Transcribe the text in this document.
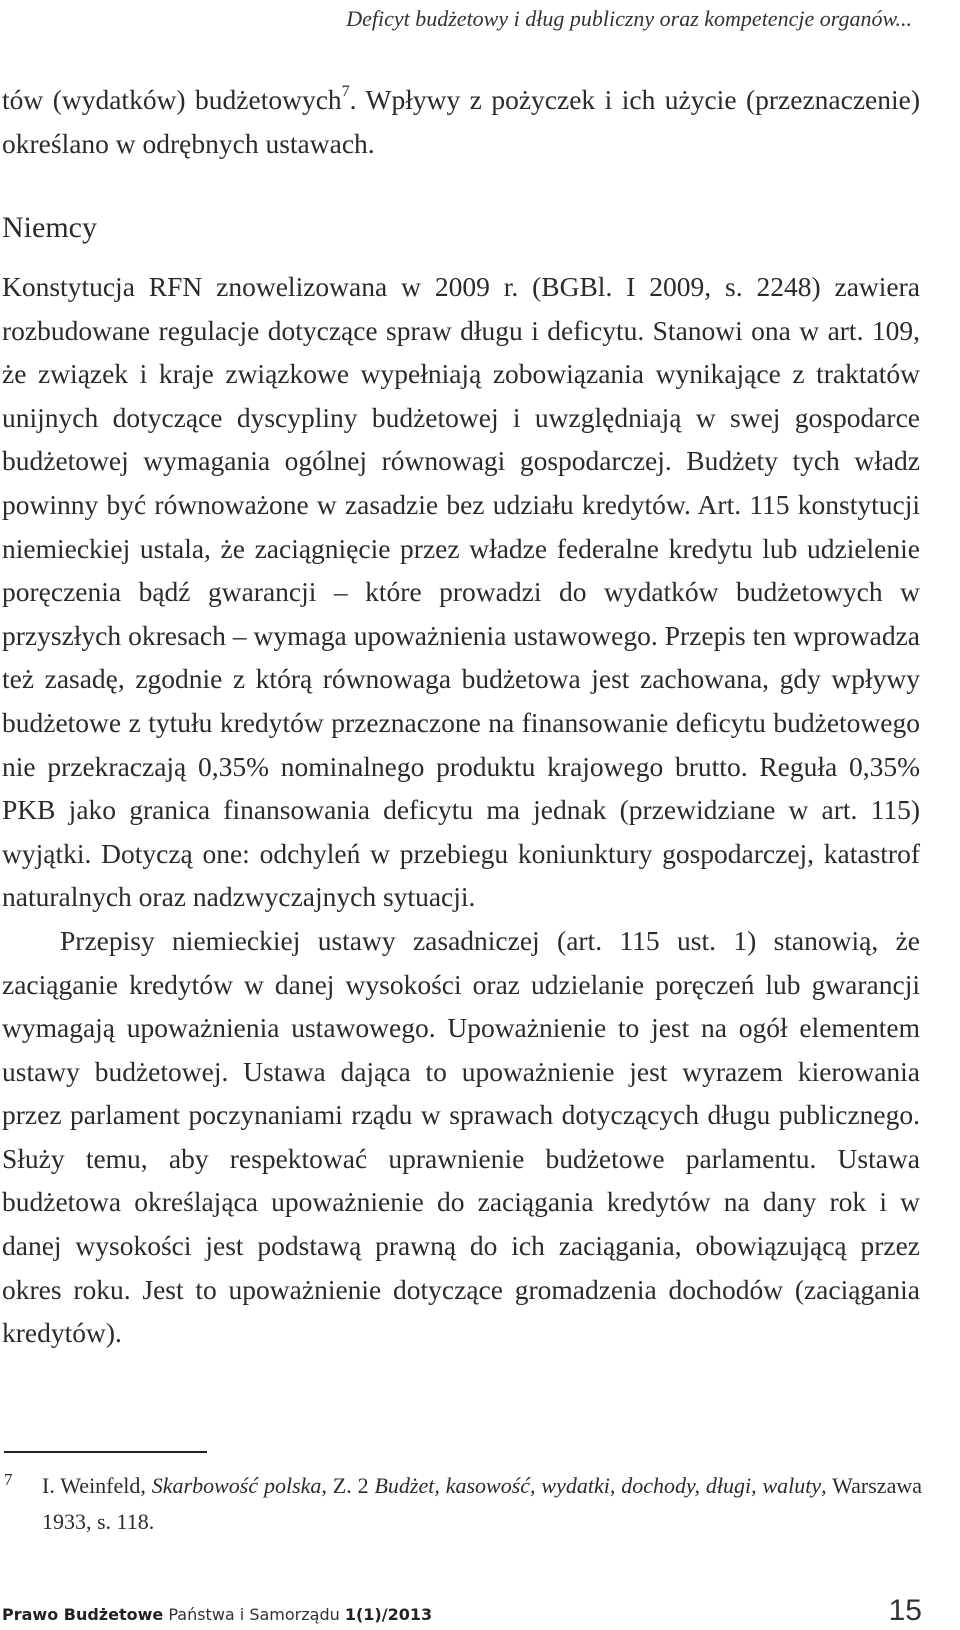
Deficyt budżetowy i dług publiczny oraz kompetencje organów...

tów (wydatków) budżetowych$^7$. Wpływy z pożyczek i ich użycie (przeznaczenie) określano w odrębnych ustawach.

Niemcy

Konstytucja RFN znowelizowana w 2009 r. (BGBl. I 2009, s. 2248) zawiera rozbudowane regulacje dotyczące spraw długu i deficytu. Stanowi ona w art. 109, że związek i kraje związkowe wypełniają zobowiązania wynikające z traktatów unijnych dotyczące dyscypliny budżetowej i uwzględniają w swej gospodarce budżetowej wymagania ogólnej równowagi gospodarczej. Budżety tych władz powinny być równoważone w zasadzie bez udziału kredytów. Art. 115 konstytucji niemieckiej ustala, że zaciągnięcie przez władze federalne kredytu lub udzielenie poręczenia bądź gwarancji – które prowadzi do wydatków budżetowych w przyszłych okresach – wymaga upoważnienia ustawowego. Przepis ten wprowadza też zasadę, zgodnie z którą równowaga budżetowa jest zachowana, gdy wpływy budżetowe z tytułu kredytów przeznaczone na finansowanie deficytu budżetowego nie przekraczają 0,35% nominalnego produktu krajowego brutto. Reguła 0,35% PKB jako granica finansowania deficytu ma jednak (przewidziane w art. 115) wyjątki. Dotyczą one: odchyleń w przebiegu koniunktury gospodarczej, katastrof naturalnych oraz nadzwyczajnych sytuacji.

Przepisy niemieckiej ustawy zasadniczej (art. 115 ust. 1) stanowią, że zaciąganie kredytów w danej wysokości oraz udzielanie poręczeń lub gwarancji wymagają upoważnienia ustawowego. Upoważnienie to jest na ogół elementem ustawy budżetowej. Ustawa dająca to upoważnienie jest wyrazem kierowania przez parlament poczynaniami rządu w sprawach dotyczących długu publicznego. Służy temu, aby respektować uprawnienie budżetowe parlamentu. Ustawa budżetowa określająca upoważnienie do zaciągania kredytów na dany rok i w danej wysokości jest podstawą prawną do ich zaciągania, obowiązującą przez okres roku. Jest to upoważnienie dotyczące gromadzenia dochodów (zaciągania kredytów).

7 I. Weinfeld, Skarbowość polska, Z. 2 Budżet, kasowość, wydatki, dochody, długi, waluty, Warszawa 1933, s. 118.
Prawo Budżetowe Państwa i Samorządu 1(1)/2013	15
